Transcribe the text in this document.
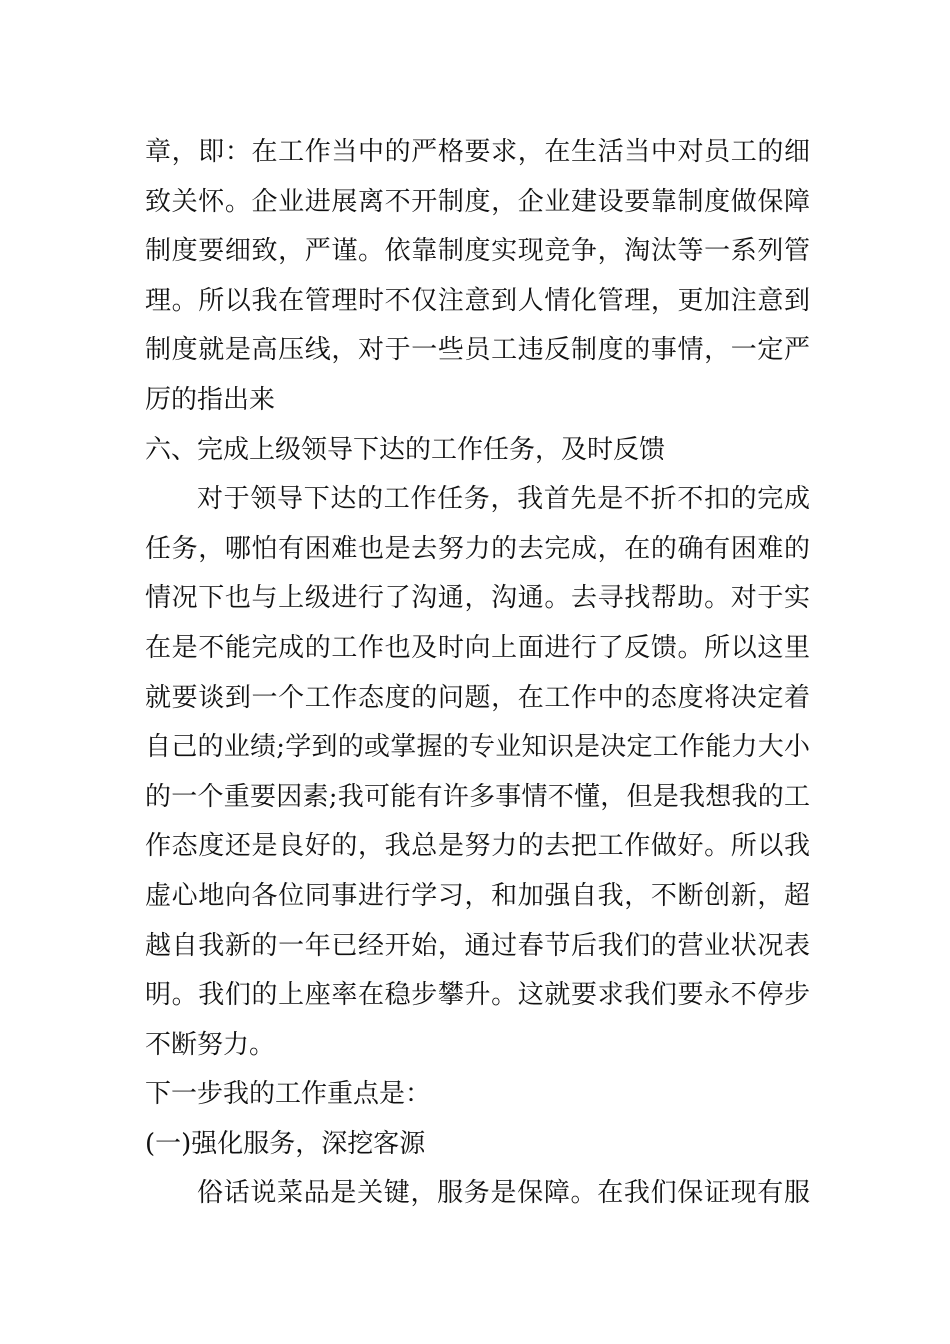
章，即：在工作当中的严格要求，在生活当中对员工的细
致关怀。企业进展离不开制度，企业建设要靠制度做保障
制度要细致，严谨。依靠制度实现竞争，淘汰等一系列管
理。所以我在管理时不仅注意到人情化管理，更加注意到
制度就是高压线，对于一些员工违反制度的事情，一定严
厉的指出来

六、完成上级领导下达的工作任务，及时反馈

对于领导下达的工作任务，我首先是不折不扣的完成
任务，哪怕有困难也是去努力的去完成，在的确有困难的
情况下也与上级进行了沟通，沟通。去寻找帮助。对于实
在是不能完成的工作也及时向上面进行了反馈。所以这里
就要谈到一个工作态度的问题，在工作中的态度将决定着
自己的业绩;学到的或掌握的专业知识是决定工作能力大小
的一个重要因素;我可能有许多事情不懂，但是我想我的工
作态度还是良好的，我总是努力的去把工作做好。所以我
虚心地向各位同事进行学习，和加强自我，不断创新，超
越自我新的一年已经开始，通过春节后我们的营业状况表
明。我们的上座率在稳步攀升。这就要求我们要永不停步
不断努力。

下一步我的工作重点是：

(一)强化服务，深挖客源

俗话说菜品是关键，服务是保障。在我们保证现有服
